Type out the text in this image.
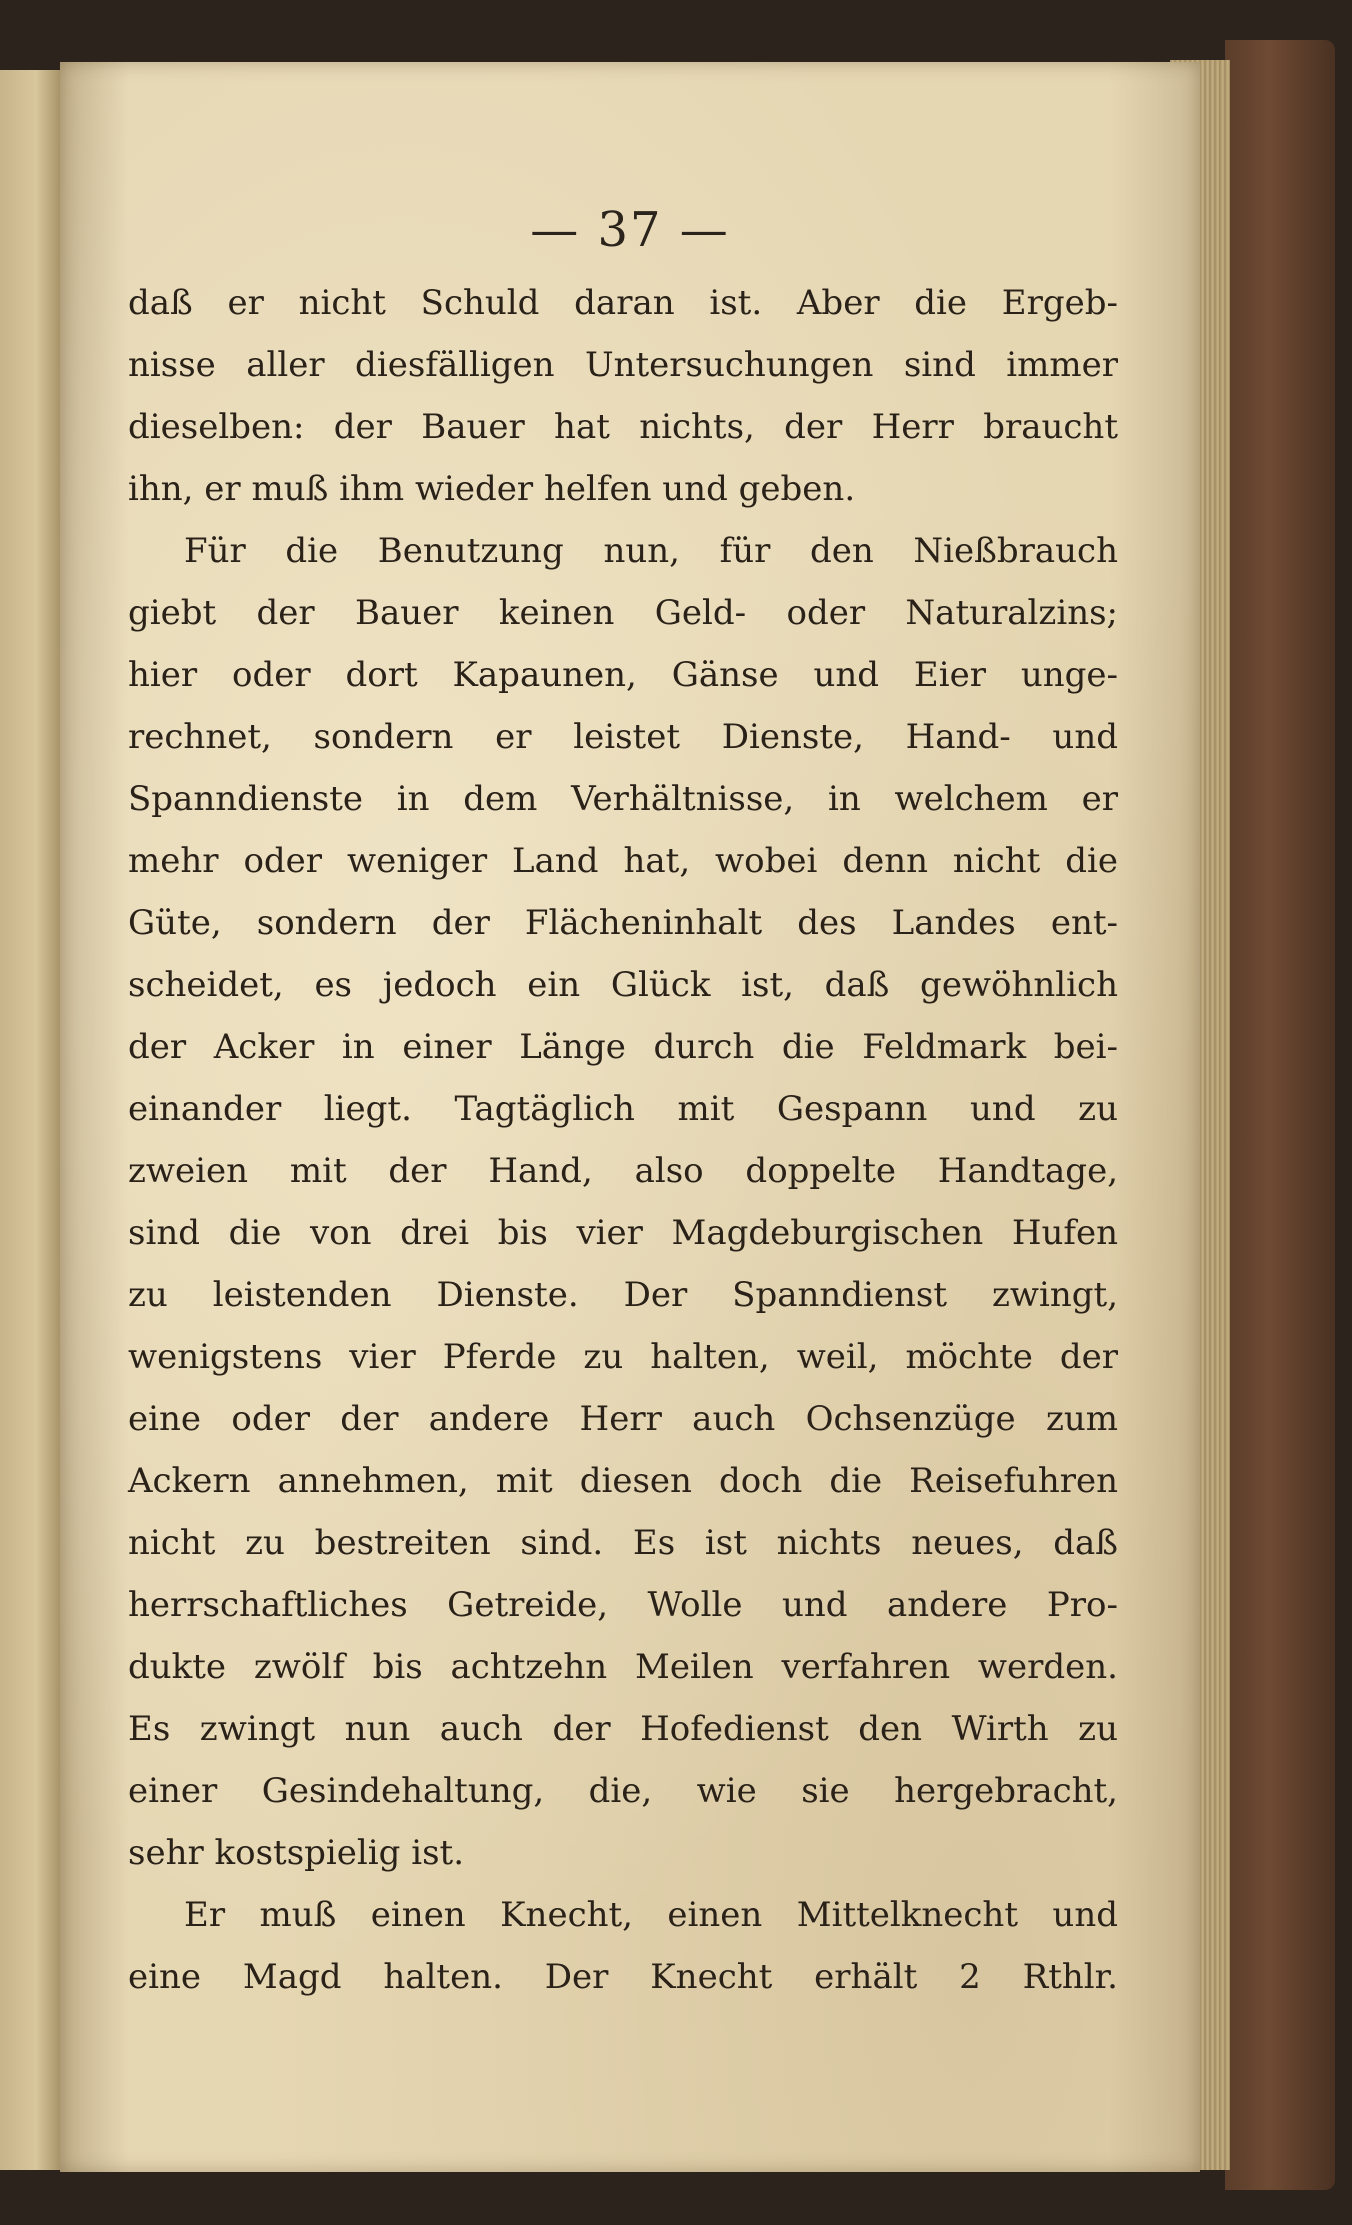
— 37 —
daß er nicht Schuld daran ist. Aber die Ergeb-
nisse aller diesfälligen Untersuchungen sind immer
dieselben: der Bauer hat nichts, der Herr braucht
ihn, er muß ihm wieder helfen und geben.
Für die Benutzung nun, für den Nießbrauch
giebt der Bauer keinen Geld- oder Naturalzins;
hier oder dort Kapaunen, Gänse und Eier unge-
rechnet, sondern er leistet Dienste, Hand- und
Spanndienste in dem Verhältnisse, in welchem er
mehr oder weniger Land hat, wobei denn nicht die
Güte, sondern der Flächeninhalt des Landes ent-
scheidet, es jedoch ein Glück ist, daß gewöhnlich
der Acker in einer Länge durch die Feldmark bei-
einander liegt. Tagtäglich mit Gespann und zu
zweien mit der Hand, also doppelte Handtage,
sind die von drei bis vier Magdeburgischen Hufen
zu leistenden Dienste. Der Spanndienst zwingt,
wenigstens vier Pferde zu halten, weil, möchte der
eine oder der andere Herr auch Ochsenzüge zum
Ackern annehmen, mit diesen doch die Reisefuhren
nicht zu bestreiten sind. Es ist nichts neues, daß
herrschaftliches Getreide, Wolle und andere Pro-
dukte zwölf bis achtzehn Meilen verfahren werden.
Es zwingt nun auch der Hofedienst den Wirth zu
einer Gesindehaltung, die, wie sie hergebracht,
sehr kostspielig ist.
Er muß einen Knecht, einen Mittelknecht und
eine Magd halten. Der Knecht erhält 2 Rthlr.
